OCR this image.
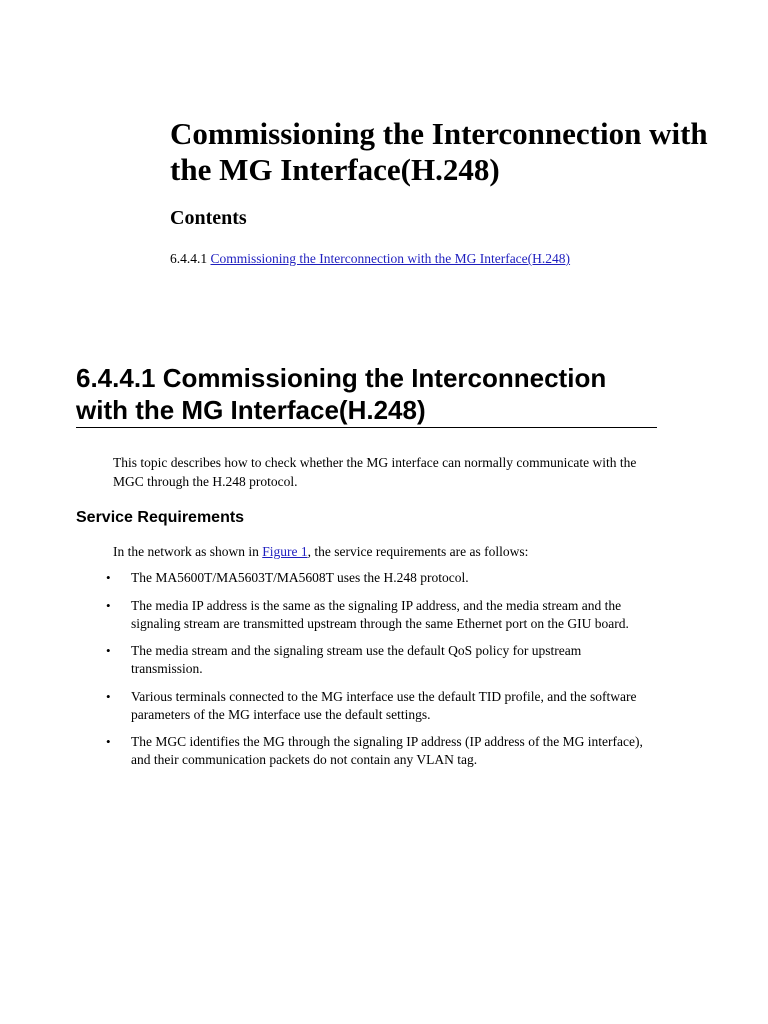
Commissioning the Interconnection with the MG Interface(H.248)
Contents
6.4.4.1 Commissioning the Interconnection with the MG Interface(H.248)
6.4.4.1 Commissioning the Interconnection with the MG Interface(H.248)

This topic describes how to check whether the MG interface can normally communicate with the MGC through the H.248 protocol.

Service Requirements

In the network as shown in Figure 1, the service requirements are as follows:

• The MA5600T/MA5603T/MA5608T uses the H.248 protocol.
• The media IP address is the same as the signaling IP address, and the media stream and the signaling stream are transmitted upstream through the same Ethernet port on the GIU board.
• The media stream and the signaling stream use the default QoS policy for upstream transmission.
• Various terminals connected to the MG interface use the default TID profile, and the software parameters of the MG interface use the default settings.
• The MGC identifies the MG through the signaling IP address (IP address of the MG interface), and their communication packets do not contain any VLAN tag.
